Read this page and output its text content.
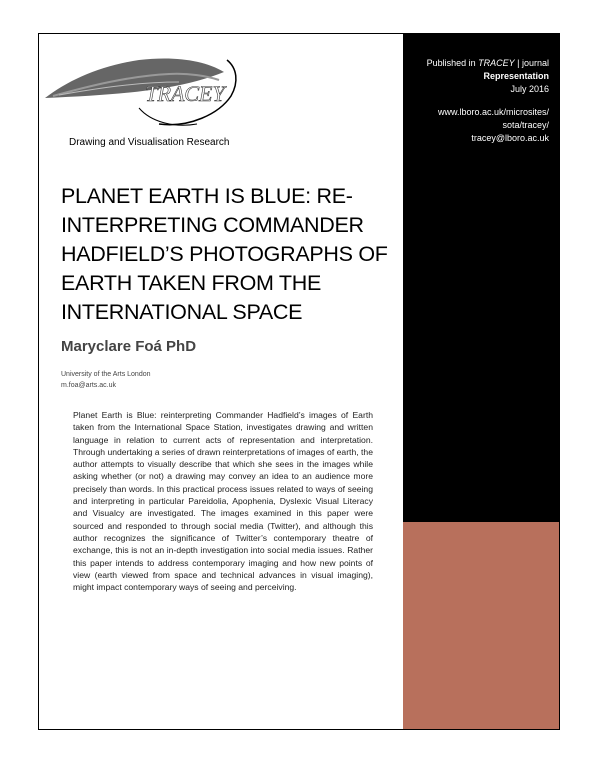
Published in TRACEY | journal
Representation
July 2016
www.lboro.ac.uk/microsites/
sota/tracey/
tracey@lboro.ac.uk
TRACEY
Drawing and Visualisation Research
PLANET EARTH IS BLUE: RE-INTERPRETING COMMANDER HADFIELD’S PHOTOGRAPHS OF EARTH TAKEN FROM THE INTERNATIONAL SPACE
Maryclare Foá PhD
University of the Arts London
m.foa@arts.ac.uk

Planet Earth is Blue: reinterpreting Commander Hadfield’s images of Earth taken from the International Space Station, investigates drawing and written language in relation to current acts of representation and interpretation. Through undertaking a series of drawn reinterpretations of images of earth, the author attempts to visually describe that which she sees in the images while asking whether (or not) a drawing may convey an idea to an audience more precisely than words. In this practical process issues related to ways of seeing and interpreting in particular Pareidolia, Apophenia, Dyslexic Visual Literacy and Visualcy are investigated. The images examined in this paper were sourced and responded to through social media (Twitter), and although this author recognizes the significance of Twitter’s contemporary theatre of exchange, this is not an in-depth investigation into social media issues. Rather this paper intends to address contemporary imaging and how new points of view (earth viewed from space and technical advances in visual imaging), might impact contemporary ways of seeing and perceiving.
